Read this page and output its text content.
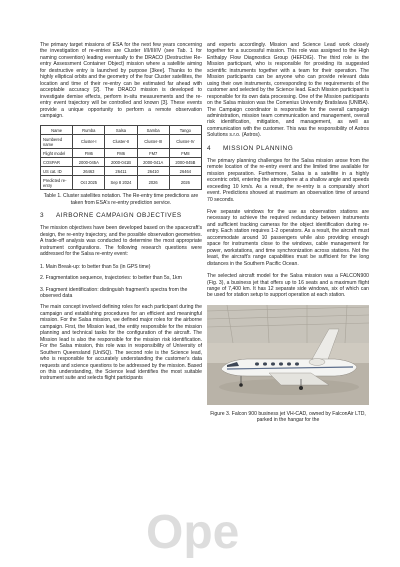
The primary target missions of ESA for the next few years concerning the investigation of re-entries are Cluster I/II/III/IV (see Tab. 1 for naming convention) leading eventually to the DRACO (Destructive Re-entry Assessment Container Object) mission where a satellite aiming for destructive entry is launched by purpose [3kee]. Thanks to the highly elliptical orbits and the geometry of the four Cluster satellites, the location and time of their re-entry can be estimated far ahead with acceptable accuracy [2]. The DRACO mission is developed to investigate demise effects, perform in-situ measurements and the re-entry event trajectory will be controlled and known [3]. These events provide a unique opportunity to perform a remote observation campaign.

Name	Rumba	Salsa	Samba	Tango
Numbered name	Cluster-I	Cluster-II	Cluster-III	Cluster-IV
Flight model	FM6	FM6	FM7	FM8
COSPAR	2000-045A	2000-041B	2000-041A	2000-045B
US cat. ID	26463	26411	26410	26464
Predicted re-entry	Oct 2025	Sep 8 2024	2026	2026
Table 1. Cluster satellites notation. The Re-entry time predictions are taken from ESA's re-entry prediction service.
3 AIRBORNE CAMPAIGN OBJECTIVES

The mission objectives have been developed based on the spacecraft's design, the re-entry trajectory, and the possible observation geometries. A trade-off analysis was conducted to determine the most appropriate instrument configurations. The following research questions were addressed for the Salsa re-entry event:

1. Main Break-up: to better than 5s (in GPS time)
2. Fragmentation sequence, trajectories: to better than 5s, 1km
3. Fragment identification: distinguish fragment's spectra from the observed data

The main concept involved defining roles for each participant during the campaign and establishing procedures for an efficient and meaningful mission. For the Salsa mission, we defined major roles for the airborne campaign. First, the Mission lead, the entity responsible for the mission planning and technical tasks for the configuration of the aircraft. The Mission lead is also the responsible for the mission risk identification. For the Salsa mission, this role was in responsibility of University of Southern Queensland (UniSQ). The second role is the Science lead, who is responsible for accurately understanding the customer's data requests and science questions to be addressed by the mission. Based on this understanding, the Science lead identifies the most suitable instrument suite and selects flight participants

and experts accordingly. Mission and Science Lead work closely together for a successful mission. This role was assigned to the High Enthalpy Flow Diagnostics Group (HEFDiG). The third role is the Mission participant, who is responsible for providing its suggested scientific instruments together with a team for their operation. The Mission participants can be anyone who can provide relevant data using their own instruments, corresponding to the requirements of the customer and selected by the Science lead. Each Mission participant is responsible for its own data processing. One of the Mission participants on the Salsa mission was the Comenius University Bratislava (UNIBA). The Campaign coordinator is responsible for the overall campaign administration, mission team communication and management, overall risk identification, mitigation, and management, as well as communication with the customer. This was the responsibility of Astros Solutions s.r.o. (Astros).

4 MISSION PLANNING

The primary planning challenges for the Salsa mission arose from the remote location of the re-entry event and the limited time available for mission preparation. Furthermore, Salsa is a satellite in a highly eccentric orbit, entering the atmosphere at a shallow angle and speeds exceeding 10 km/s. As a result, the re-entry is a comparably short event. Predictions showed at maximum an observation time of around 70 seconds.

Five separate windows for the use as observation stations are necessary to achieve the required redundancy between instruments and sufficient tracking cameras for the object identification during re-entry. Each station requires 1-2 operators. As a result, the aircraft must accommodate around 10 passengers while also providing enough space for instruments close to the windows, cable management for power, workstations, and time synchronization across stations. Not the least, the aircraft's range capabilities must be sufficient for the long distances in the Southern Pacific Ocean.

The selected aircraft model for the Salsa mission was a FALCON900 (Fig. 3), a business jet that offers up to 16 seats and a maximum flight range of 7,400 km. It has 12 separate side windows, six of which can be used for station setup to support operation at each station.

Figure 3. Falcon 900 business jet VH-CAD, owned by FalconAir LTD, parked in the hangar for the
Ope
